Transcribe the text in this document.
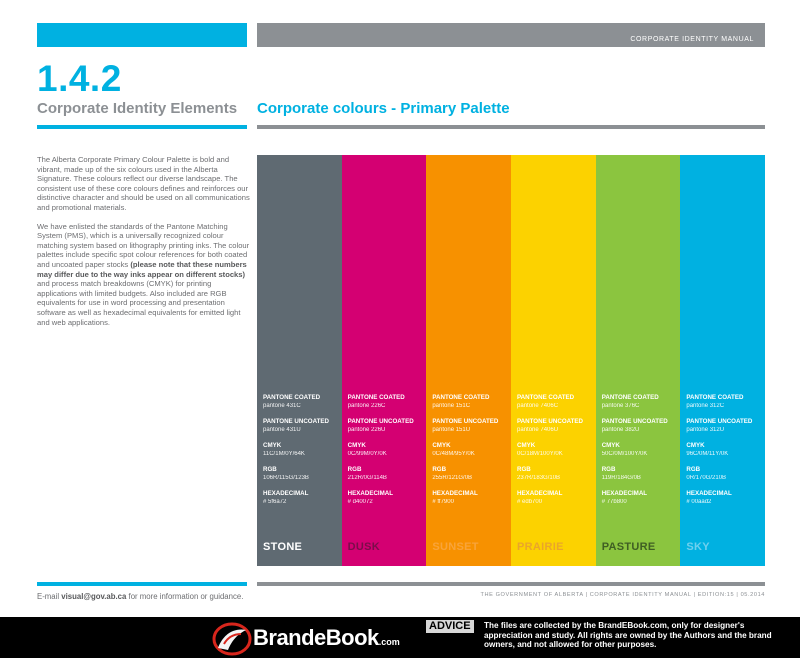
CORPORATE IDENTITY MANUAL
1.4.2
Corporate Identity Elements Corporate colours - Primary Palette

The Alberta Corporate Primary Colour Palette is bold and vibrant, made up of the six colours used in the Alberta Signature. These colours reflect our diverse landscape. The consistent use of these core colours defines and reinforces our distinctive character and should be used on all communications and promotional materials.

We have enlisted the standards of the Pantone Matching System (PMS), which is a universally recognized colour matching system based on lithography printing inks. The colour palettes include specific spot colour references for both coated and uncoated paper stocks (please note that these numbers may differ due to the way inks appear on different stocks) and process match breakdowns (CMYK) for printing applications with limited budgets. Also included are RGB equivalents for use in word processing and presentation software as well as hexadecimal equivalents for emitted light and web applications.

PANTONE COATED
pantone 431C
PANTONE UNCOATED
pantone 431U
CMYK
11C/1M/0Y/64K
RGB
106R/115G/123B
HEXADECIMAL
# 5f6a72
STONE
PANTONE COATED
pantone 226C
PANTONE UNCOATED
pantone 226U
CMYK
0C/99M/0Y/0K
RGB
212R/0G/114B
HEXADECIMAL
# d40072
DUSK
PANTONE COATED
pantone 151C
PANTONE UNCOATED
pantone 151U
CMYK
0C/48M/95Y/0K
RGB
255R/121G/0B
HEXADECIMAL
# ff7900
SUNSET
PANTONE COATED
pantone 7406C
PANTONE UNCOATED
pantone 7406U
CMYK
0C/18M/100Y/0K
RGB
237R/183G/10B
HEXADECIMAL
# edb700
PRAIRIE
PANTONE COATED
pantone 376C
PANTONE UNCOATED
pantone 382U
CMYK
50C/0M/100Y/0K
RGB
119R/184G/0B
HEXADECIMAL
# 77b800
PASTURE
PANTONE COATED
pantone 312C
PANTONE UNCOATED
pantone 312U
CMYK
96C/0M/11Y/0K
RGB
0R/170G/210B
HEXADECIMAL
# 00aad2
SKY
E-mail visual@gov.ab.ca for more information or guidance.	THE GOVERNMENT OF ALBERTA | CORPORATE IDENTITY MANUAL | EDITION:15 | 05.2014
BrandeBook.com
ADVICE	The files are collected by the BrandEBook.com, only for designer's appreciation and study. All rights are owned by the Authors and the brand owners, and not allowed for other purposes.
